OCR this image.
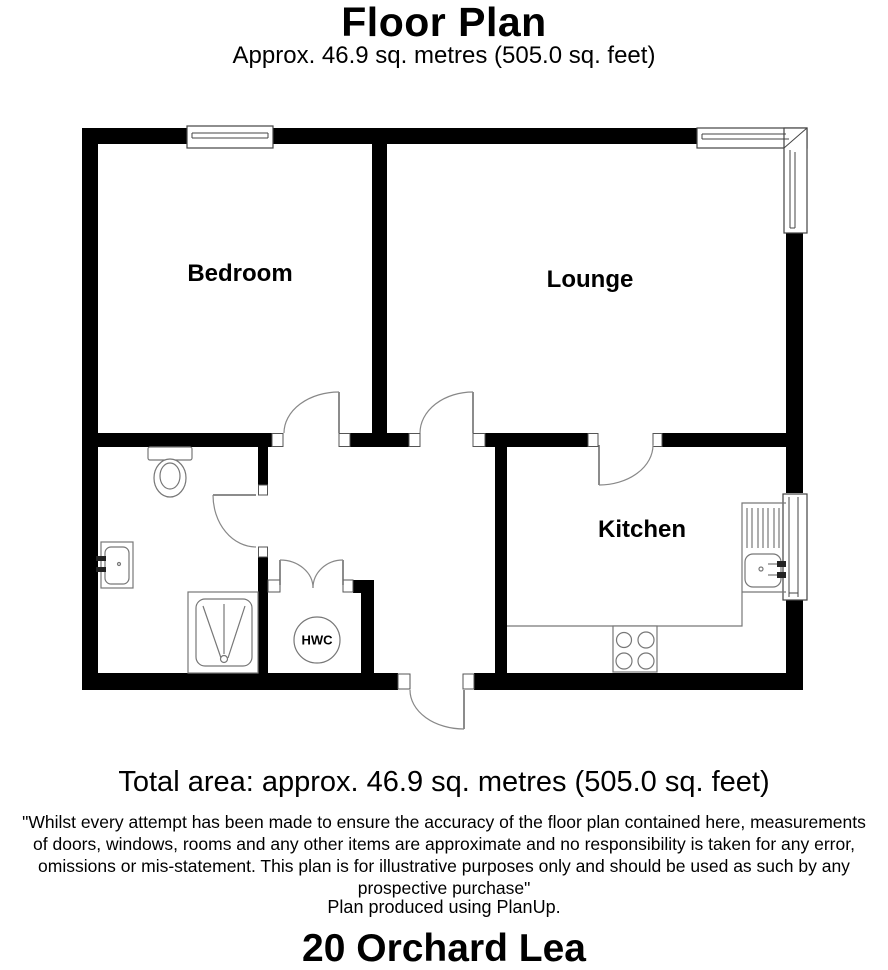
Floor Plan
Approx. 46.9 sq. metres (505.0 sq. feet)
Bedroom	Lounge
Kitchen
HWC
Total area: approx. 46.9 sq. metres (505.0 sq. feet)
"Whilst every attempt has been made to ensure the accuracy of the floor plan contained here, measurements
of doors, windows, rooms and any other items are approximate and no responsibility is taken for any error,
omissions or mis-statement. This plan is for illustrative purposes only and should be used as such by any
prospective purchase"
Plan produced using PlanUp.
20 Orchard Lea
